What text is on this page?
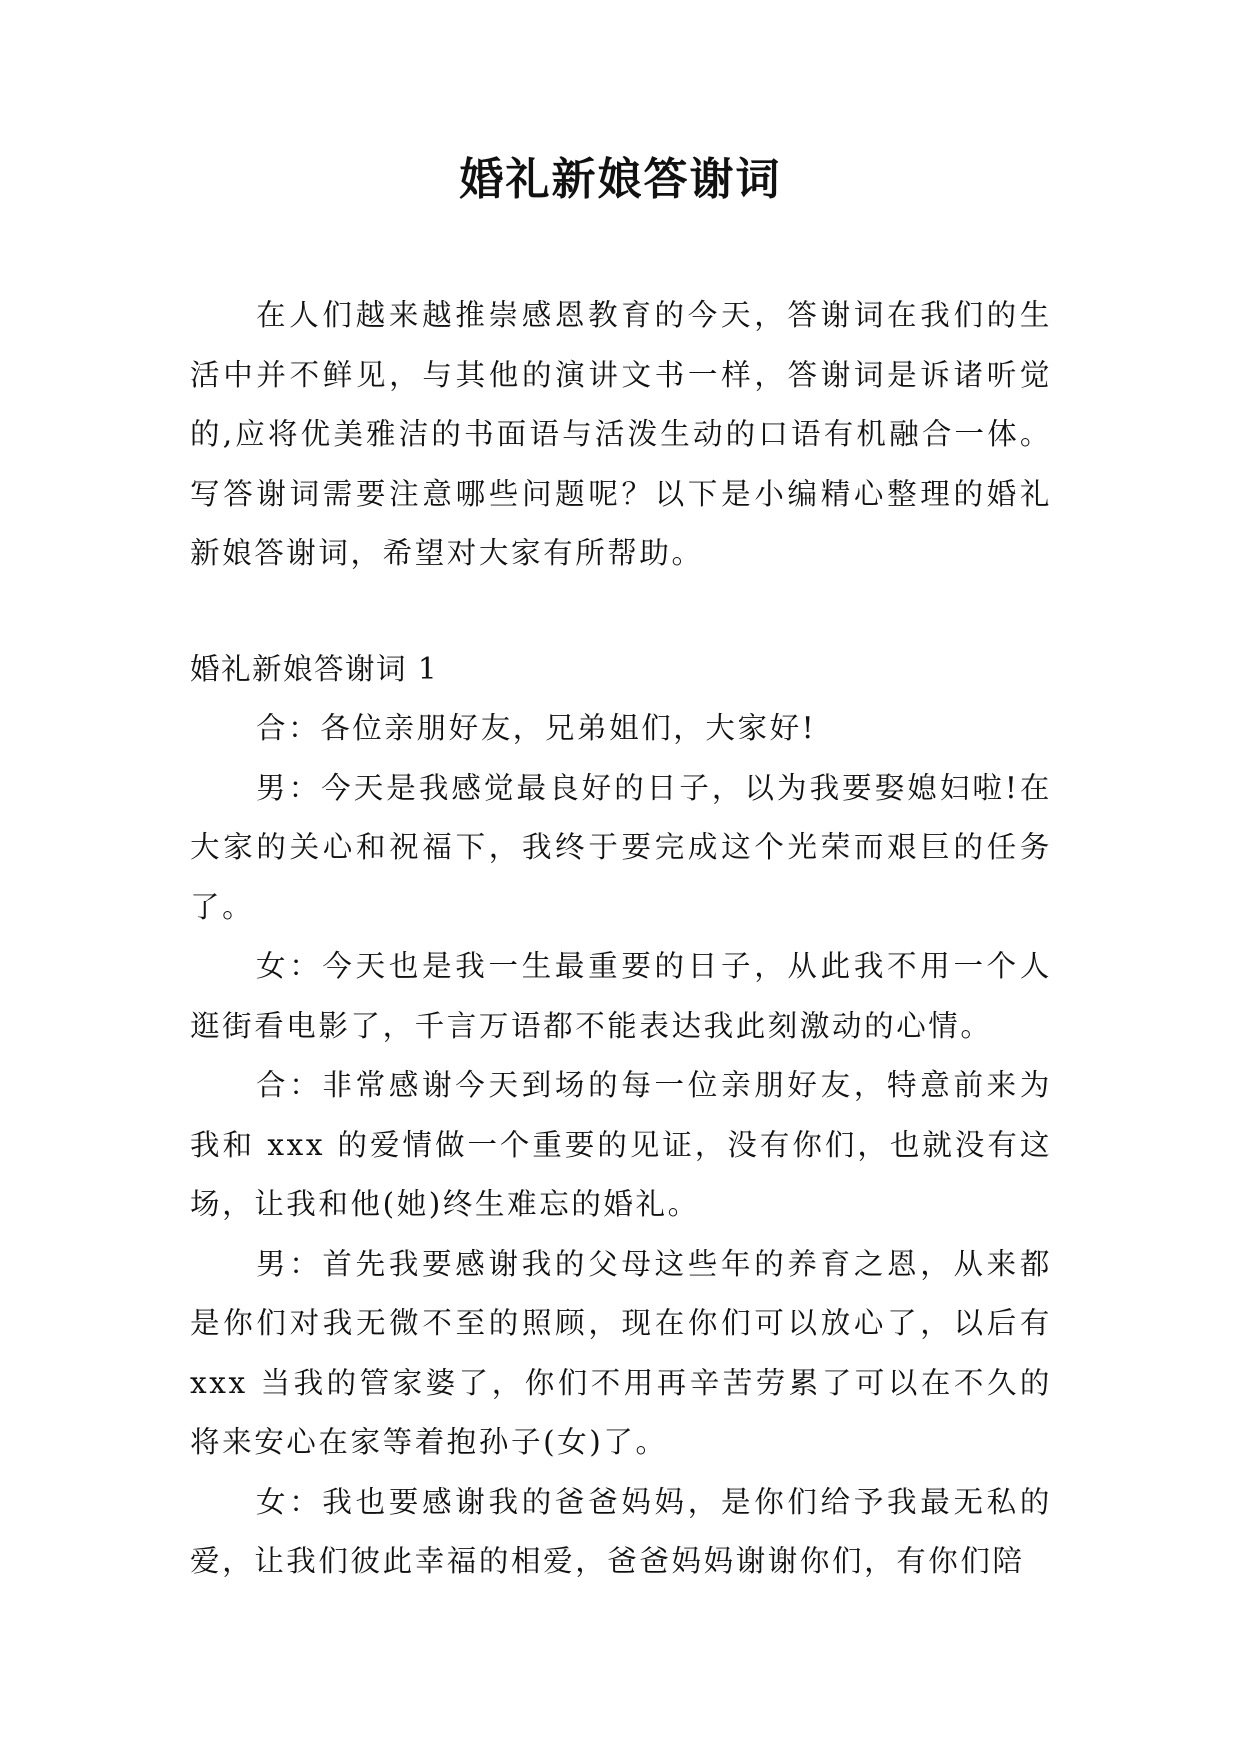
婚礼新娘答谢词

在人们越来越推崇感恩教育的今天，答谢词在我们的生活中并不鲜见，与其他的演讲文书一样，答谢词是诉诸听觉的,应将优美雅洁的书面语与活泼生动的口语有机融合一体。写答谢词需要注意哪些问题呢？以下是小编精心整理的婚礼新娘答谢词，希望对大家有所帮助。

婚礼新娘答谢词 1

合：各位亲朋好友，兄弟姐们，大家好!

男：今天是我感觉最良好的日子，以为我要娶媳妇啦!在大家的关心和祝福下，我终于要完成这个光荣而艰巨的任务了。

女：今天也是我一生最重要的日子，从此我不用一个人逛街看电影了，千言万语都不能表达我此刻激动的心情。

合：非常感谢今天到场的每一位亲朋好友，特意前来为我和 xxx 的爱情做一个重要的见证，没有你们，也就没有这场，让我和他(她)终生难忘的婚礼。

男：首先我要感谢我的父母这些年的养育之恩，从来都是你们对我无微不至的照顾，现在你们可以放心了，以后有 xxx 当我的管家婆了，你们不用再辛苦劳累了可以在不久的将来安心在家等着抱孙子(女)了。

女：我也要感谢我的爸爸妈妈，是你们给予我最无私的爱，让我们彼此幸福的相爱，爸爸妈妈谢谢你们，有你们陪
